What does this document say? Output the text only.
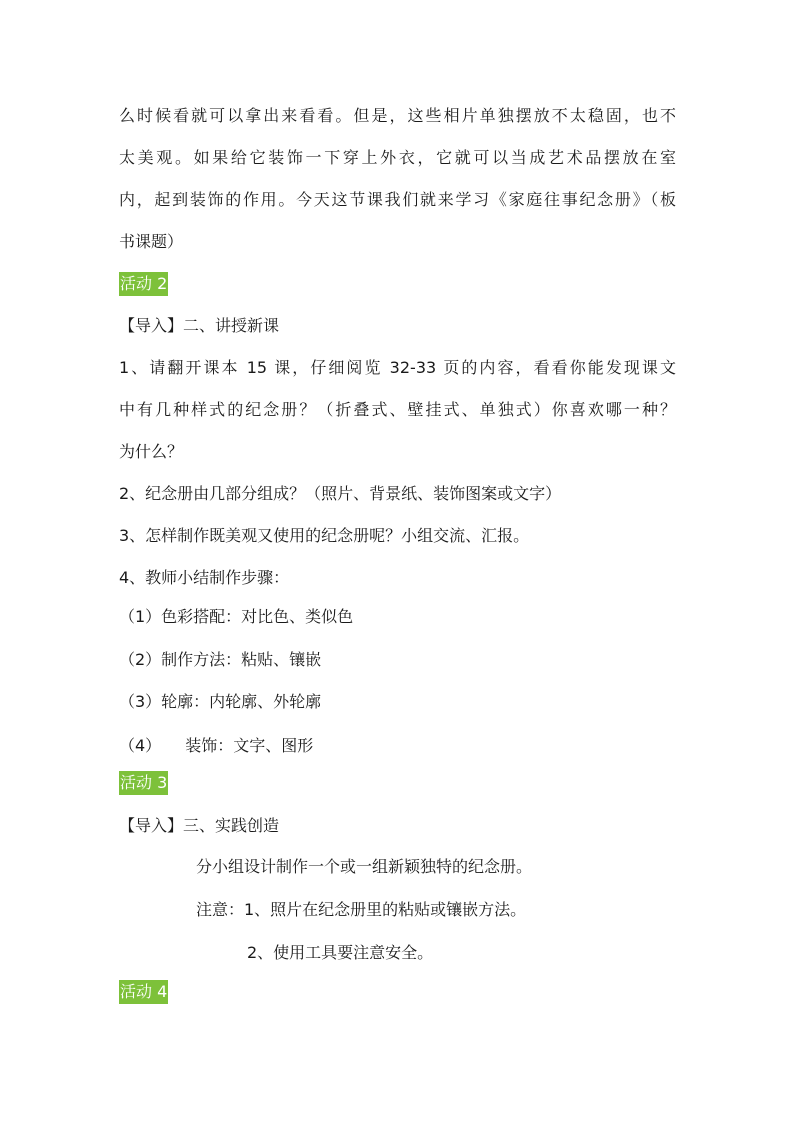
么时候看就可以拿出来看看。但是，这些相片单独摆放不太稳固，也不
太美观。如果给它装饰一下穿上外衣，它就可以当成艺术品摆放在室
内，起到装饰的作用。今天这节课我们就来学习《家庭往事纪念册》（板
书课题）
活动 2
【导入】二、讲授新课
1、请翻开课本 15 课，仔细阅览 32-33 页的内容，看看你能发现课文
中有几种样式的纪念册？（折叠式、壁挂式、单独式）你喜欢哪一种？
为什么？
2、纪念册由几部分组成？（照片、背景纸、装饰图案或文字）
3、怎样制作既美观又使用的纪念册呢？小组交流、汇报。
4、教师小结制作步骤：
（1）色彩搭配：对比色、类似色
（2）制作方法：粘贴、镶嵌
（3）轮廓：内轮廓、外轮廓
（4） 装饰：文字、图形
活动 3
【导入】三、实践创造
分小组设计制作一个或一组新颖独特的纪念册。
注意：1、照片在纪念册里的粘贴或镶嵌方法。
2、使用工具要注意安全。
活动 4
